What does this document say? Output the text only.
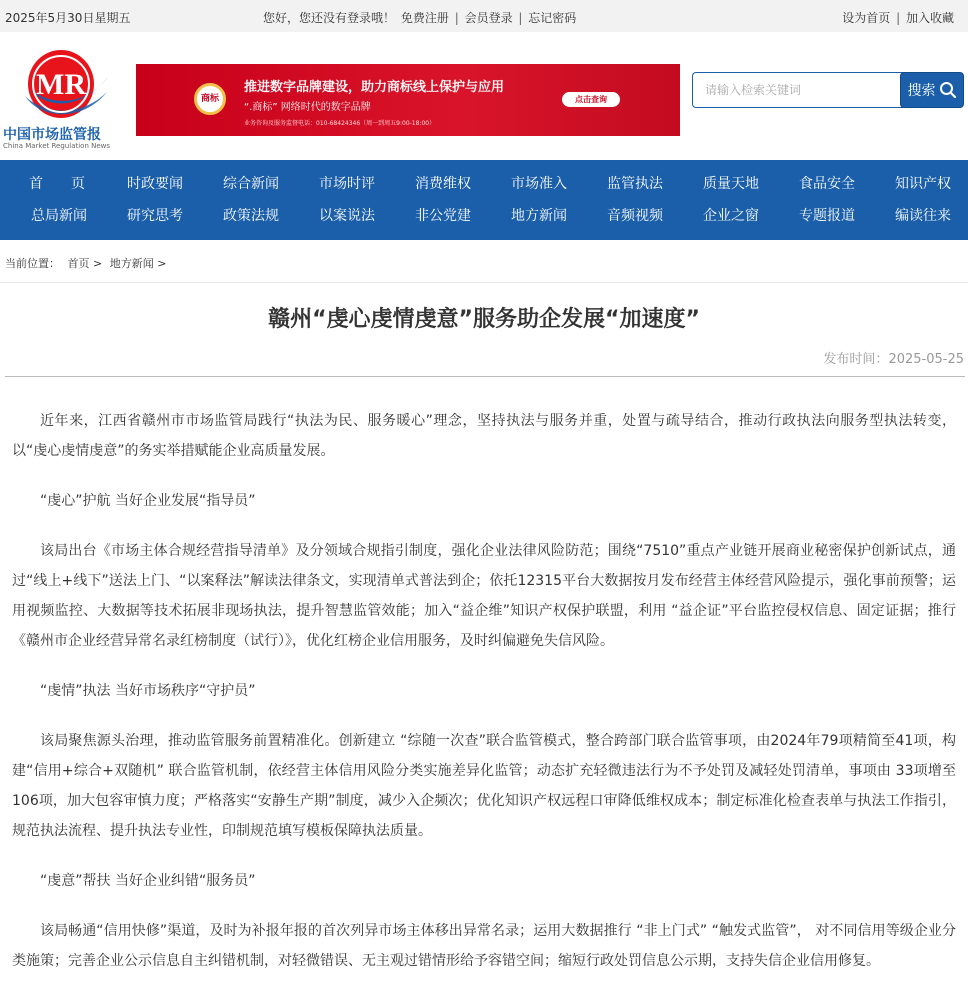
2025年5月30日星期五	您好，您还没有登录哦！ 免费注册 | 会员登录 | 忘记密码	设为首页 | 加入收藏
MR
中国市场监管报
China Market Regulation News
商标
推进数字品牌建设，助力商标线上保护与应用
“.商标” 网络时代的数字品牌
业务咨询及服务监督电话：010-68424346（周一到周五9:00-18:00）
点击查询
请输入检索关键词
搜索
首　　页	时政要闻	综合新闻	市场时评	消费维权	市场准入	监管执法	质量天地	食品安全	知识产权
总局新闻	研究思考	政策法规	以案说法	非公党建	地方新闻	音频视频	企业之窗	专题报道	编读往来
当前位置： 首页 > 地方新闻 >
赣州“虔心虔情虔意”服务助企发展“加速度”
发布时间：2025-05-25

近年来，江西省赣州市市场监管局践行“执法为民、服务暖心”理念，坚持执法与服务并重，处置与疏导结合，推动行政执法向服务型执法转变，以“虔心虔情虔意”的务实举措赋能企业高质量发展。

“虔心”护航 当好企业发展“指导员”

该局出台《市场主体合规经营指导清单》及分领域合规指引制度，强化企业法律风险防范；围绕“7510”重点产业链开展商业秘密保护创新试点，通过“线上+线下”送法上门、“以案释法”解读法律条文，实现清单式普法到企；依托12315平台大数据按月发布经营主体经营风险提示，强化事前预警；运用视频监控、大数据等技术拓展非现场执法，提升智慧监管效能；加入“益企维”知识产权保护联盟，利用 “益企证”平台监控侵权信息、固定证据；推行《赣州市企业经营异常名录红榜制度（试行）》，优化红榜企业信用服务，及时纠偏避免失信风险。

“虔情”执法 当好市场秩序“守护员”

该局聚焦源头治理，推动监管服务前置精准化。创新建立 “综随一次查”联合监管模式，整合跨部门联合监管事项，由2024年79项精简至41项，构建“信用+综合+双随机” 联合监管机制，依经营主体信用风险分类实施差异化监管；动态扩充轻微违法行为不予处罚及减轻处罚清单，事项由 33项增至106项，加大包容审慎力度；严格落实“安静生产期”制度，减少入企频次；优化知识产权远程口审降低维权成本；制定标准化检查表单与执法工作指引，规范执法流程、提升执法专业性，印制规范填写模板保障执法质量。

“虔意”帮扶 当好企业纠错“服务员”

该局畅通“信用快修”渠道，及时为补报年报的首次列异市场主体移出异常名录；运用大数据推行 “非上门式” “触发式监管”， 对不同信用等级企业分类施策；完善企业公示信息自主纠错机制，对轻微错误、无主观过错情形给予容错空间；缩短行政处罚信息公示期，支持失信企业信用修复。
